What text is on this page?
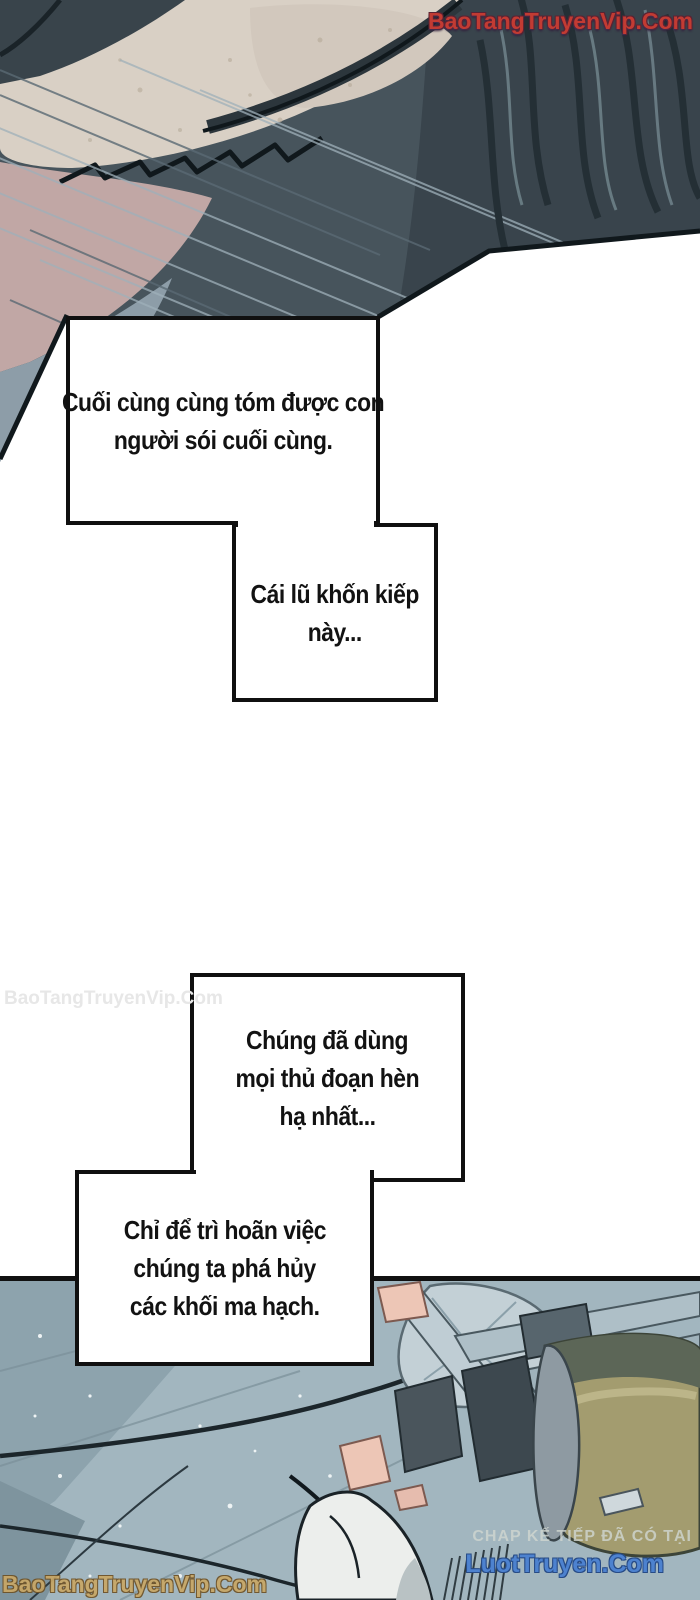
Cuối cùng cùng tóm được con
người sói cuối cùng.
Cái lũ khốn kiếp
này...
Chúng đã dùng
mọi thủ đoạn hèn
hạ nhất...
Chỉ để trì hoãn việc
chúng ta phá hủy
các khối ma hạch.
BaoTangTruyenVip.Com
BaoTangTruyenVip.Com
BaoTangTruyenVip.Com
CHAP KẾ TIẾP ĐÃ CÓ TẠI
LuotTruyen.Com
